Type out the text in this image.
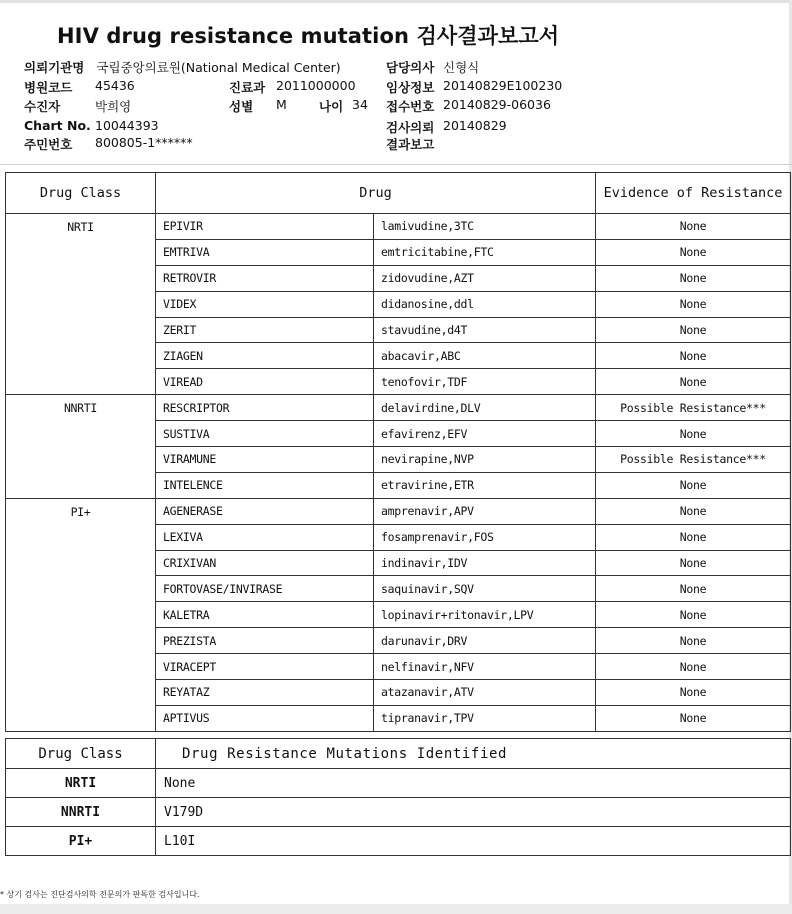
HIV drug resistance mutation 검사결과보고서
의뢰기관명 국립중앙의료원(National Medical Center)
병원코드 45436
수진자	박희영
Chart No. 10044393
주민번호 800805-1******
진료과 2011000000
성별 M	나이 34
담당의사 신형식
임상정보 20140829E100230
접수번호 20140829-06036
검사의뢰 20140829
결과보고
Drug Class	Drug		Evidence of Resistance
NRTI	EPIVIR	lamivudine,3TC	None
	EMTRIVA	emtricitabine,FTC	None
	RETROVIR	zidovudine,AZT	None
	VIDEX	didanosine,ddl	None
	ZERIT	stavudine,d4T	None
	ZIAGEN	abacavir,ABC	None
	VIREAD	tenofovir,TDF	None
NNRTI	RESCRIPTOR	delavirdine,DLV	Possible Resistance***
	SUSTIVA	efavirenz,EFV	None
	VIRAMUNE	nevirapine,NVP	Possible Resistance***
	INTELENCE	etravirine,ETR	None
PI+	AGENERASE	amprenavir,APV	None
	LEXIVA	fosamprenavir,FOS	None
	CRIXIVAN	indinavir,IDV	None
	FORTOVASE/INVIRASE	saquinavir,SQV	None
	KALETRA	lopinavir+ritonavir,LPV	None
	PREZISTA	darunavir,DRV	None
	VIRACEPT	nelfinavir,NFV	None
	REYATAZ	atazanavir,ATV	None
	APTIVUS	tipranavir,TPV	None
Drug Class	Drug Resistance Mutations Identified
NRTI	None
NNRTI	V179D
PI+	L10I
* 상기 검사는 진단검사의학 전문의가 판독한 검사입니다.
